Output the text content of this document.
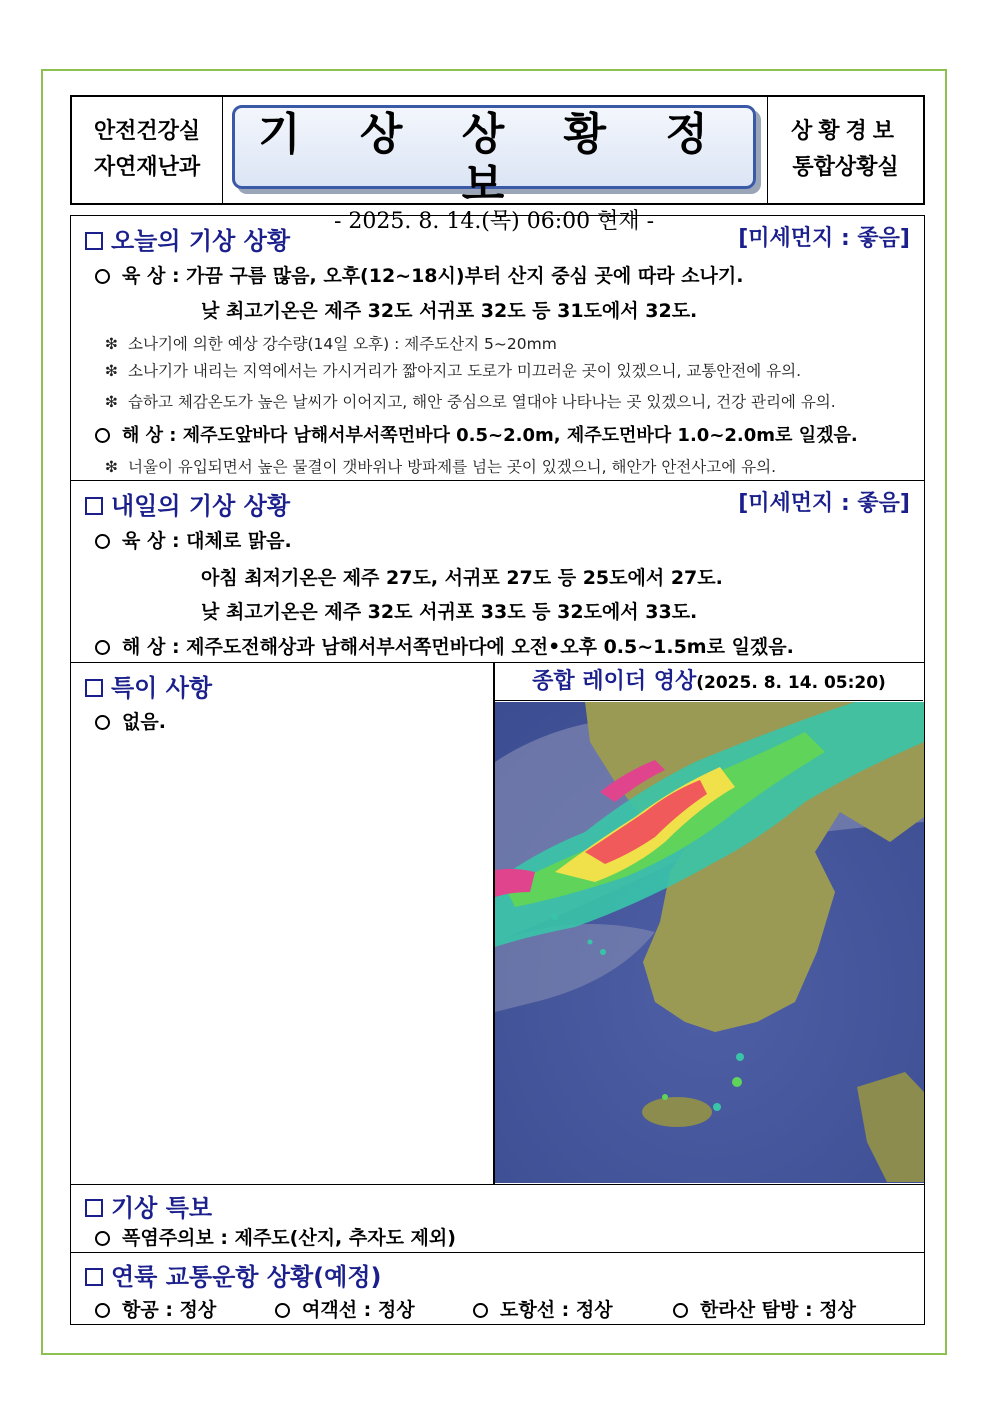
안전건강실
자연재난과
기 상 상 황 정 보
- 2025. 8. 14.(목) 06:00 현재 -
상황경보
통합상황실
오늘의 기상 상황	[미세먼지 : 좋음]
육 상 : 가끔 구름 많음, 오후(12~18시)부터 산지 중심 곳에 따라 소나기.
낮 최고기온은 제주 32도 서귀포 32도 등 31도에서 32도.
❇ 소나기에 의한 예상 강수량(14일 오후) : 제주도산지 5~20mm
❇ 소나기가 내리는 지역에서는 가시거리가 짧아지고 도로가 미끄러운 곳이 있겠으니, 교통안전에 유의.
❇ 습하고 체감온도가 높은 날씨가 이어지고, 해안 중심으로 열대야 나타나는 곳 있겠으니, 건강 관리에 유의.
해 상 : 제주도앞바다 남해서부서쪽먼바다 0.5~2.0m, 제주도먼바다 1.0~2.0m로 일겠음.
❇ 너울이 유입되면서 높은 물결이 갯바위나 방파제를 넘는 곳이 있겠으니, 해안가 안전사고에 유의.
내일의 기상 상황	[미세먼지 : 좋음]
육 상 : 대체로 맑음.
아침 최저기온은 제주 27도, 서귀포 27도 등 25도에서 27도.
낮 최고기온은 제주 32도 서귀포 33도 등 32도에서 33도.
해 상 : 제주도전해상과 남해서부서쪽먼바다에 오전•오후 0.5~1.5m로 일겠음.
특이 사항
없음.
종합 레이더 영상(2025. 8. 14. 05:20)
기상 특보
폭염주의보 : 제주도(산지, 추자도 제외)
연륙 교통운항 상황(예정)
항공 : 정상	여객선 : 정상	도항선 : 정상	한라산 탐방 : 정상
